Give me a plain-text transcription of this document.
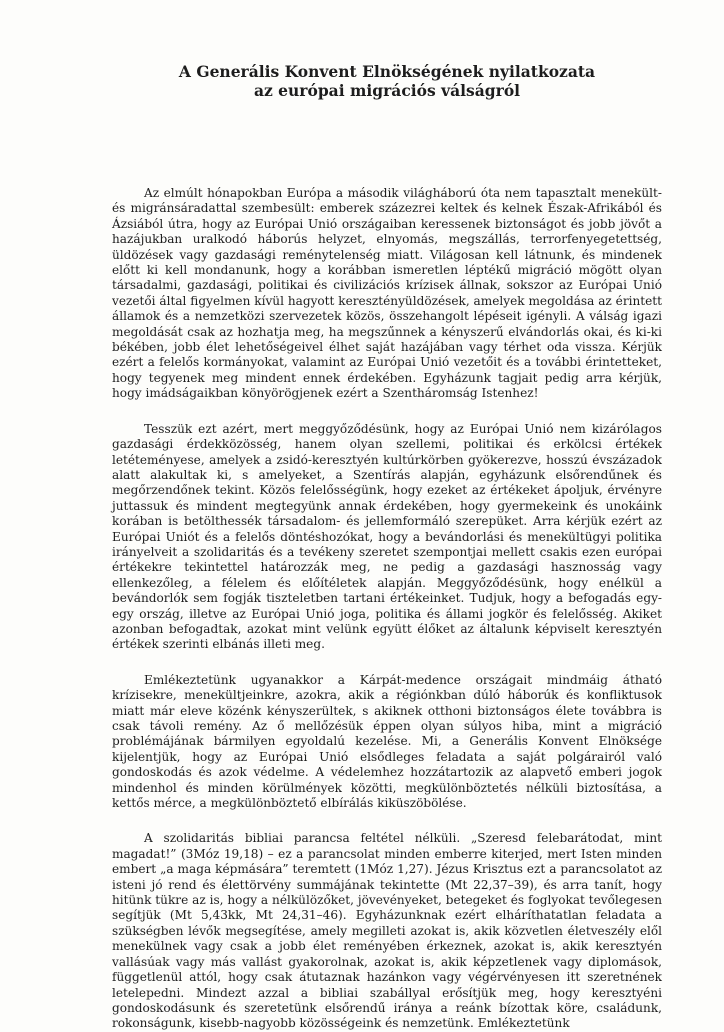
A Generális Konvent Elnökségének nyilatkozata
az európai migrációs válságról

Az elmúlt hónapokban Európa a második világháború óta nem tapasztalt menekült- és migránsáradattal szembesült: emberek százezrei keltek és kelnek Észak-Afrikából és Ázsiából útra, hogy az Európai Unió országaiban keressenek biztonságot és jobb jövőt a hazájukban uralkodó háborús helyzet, elnyomás, megszállás, terrorfenyegetettség, üldözések vagy gazdasági reménytelenség miatt. Világosan kell látnunk, és mindenek előtt ki kell mondanunk, hogy a korábban ismeretlen léptékű migráció mögött olyan társadalmi, gazdasági, politikai és civilizációs krízisek állnak, sokszor az Európai Unió vezetői által figyelmen kívül hagyott keresztényüldözések, amelyek megoldása az érintett államok és a nemzetközi szervezetek közös, összehangolt lépéseit igényli. A válság igazi megoldását csak az hozhatja meg, ha megszűnnek a kényszerű elvándorlás okai, és ki-ki békében, jobb élet lehetőségeivel élhet saját hazájában vagy térhet oda vissza. Kérjük ezért a felelős kormányokat, valamint az Európai Unió vezetőit és a további érintetteket, hogy tegyenek meg mindent ennek érdekében. Egyházunk tagjait pedig arra kérjük, hogy imádságaikban könyörögjenek ezért a Szentháromság Istenhez!

Tesszük ezt azért, mert meggyőződésünk, hogy az Európai Unió nem kizárólagos gazdasági érdekközösség, hanem olyan szellemi, politikai és erkölcsi értékek letéteményese, amelyek a zsidó-keresztyén kultúrkörben gyökerezve, hosszú évszázadok alatt alakultak ki, s amelyeket, a Szentírás alapján, egyházunk elsőrendűnek és megőrzendőnek tekint. Közös felelősségünk, hogy ezeket az értékeket ápoljuk, érvényre juttassuk és mindent megtegyünk annak érdekében, hogy gyermekeink és unokáink korában is betölthessék társadalom- és jellemformáló szerepüket. Arra kérjük ezért az Európai Uniót és a felelős döntéshozókat, hogy a bevándorlási és menekültügyi politika irányelveit a szolidaritás és a tevékeny szeretet szempontjai mellett csakis ezen európai értékekre tekintettel határozzák meg, ne pedig a gazdasági hasznosság vagy ellenkezőleg, a félelem és előítéletek alapján. Meggyőződésünk, hogy enélkül a bevándorlók sem fogják tiszteletben tartani értékeinket. Tudjuk, hogy a befogadás egy-egy ország, illetve az Európai Unió joga, politika és állami jogkör és felelősség. Akiket azonban befogadtak, azokat mint velünk együtt élőket az általunk képviselt keresztyén értékek szerinti elbánás illeti meg.

Emlékeztetünk ugyanakkor a Kárpát-medence országait mindmáig átható krízisekre, menekültjeinkre, azokra, akik a régiónkban dúló háborúk és konfliktusok miatt már eleve közénk kényszerültek, s akiknek otthoni biztonságos élete továbbra is csak távoli remény. Az ő mellőzésük éppen olyan súlyos hiba, mint a migráció problémájának bármilyen egyoldalú kezelése. Mi, a Generális Konvent Elnöksége kijelentjük, hogy az Európai Unió elsődleges feladata a saját polgárairól való gondoskodás és azok védelme. A védelemhez hozzátartozik az alapvető emberi jogok mindenhol és minden körülmények közötti, megkülönböztetés nélküli biztosítása, a kettős mérce, a megkülönböztető elbírálás kiküszöbölése.

A szolidaritás bibliai parancsa feltétel nélküli. „Szeresd felebarátodat, mint magadat!” (3Móz 19,18) – ez a parancsolat minden emberre kiterjed, mert Isten minden embert „a maga képmására” teremtett (1Móz 1,27). Jézus Krisztus ezt a parancsolatot az isteni jó rend és élettörvény summájának tekintette (Mt 22,37–39), és arra tanít, hogy hitünk tükre az is, hogy a nélkülözőket, jövevényeket, betegeket és foglyokat tevőlegesen segítjük (Mt 5,43kk, Mt 24,31–46). Egyházunknak ezért elháríthatatlan feladata a szükségben lévők megsegítése, amely megilleti azokat is, akik közvetlen életveszély elől menekülnek vagy csak a jobb élet reményében érkeznek, azokat is, akik keresztyén vallásúak vagy más vallást gyakorolnak, azokat is, akik képzetlenek vagy diplomások, függetlenül attól, hogy csak átutaznak hazánkon vagy végérvényesen itt szeretnének letelepedni. Mindezt azzal a bibliai szabállyal erősítjük meg, hogy keresztyéni gondoskodásunk és szeretetünk elsőrendű iránya a reánk bízottak köre, családunk, rokonságunk, kisebb-nagyobb közösségeink és nemzetünk. Emlékeztetünk
